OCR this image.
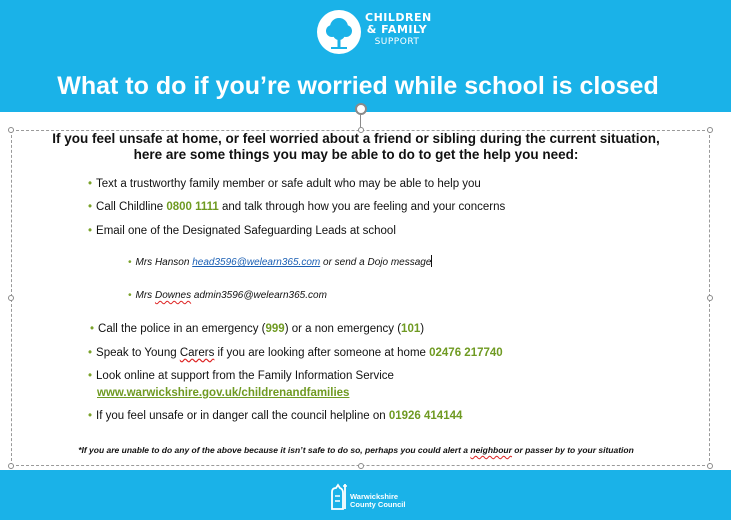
CHILDREN
& FAMILY
SUPPORT
What to do if you’re worried while school is closed
If you feel unsafe at home, or feel worried about a friend or sibling during the current situation,
here are some things you may be able to do to get the help you need:
• Text a trustworthy family member or safe adult who may be able to help you
• Call Childline 0800 1111 and talk through how you are feeling and your concerns
• Email one of the Designated Safeguarding Leads at school
• Mrs Hanson head3596@welearn365.com or send a Dojo message
• Mrs Downes admin3596@welearn365.com
• Call the police in an emergency (999) or a non emergency (101)
• Speak to Young Carers if you are looking after someone at home 02476 217740
• Look online at support from the Family Information Service
www.warwickshire.gov.uk/childrenandfamilies
• If you feel unsafe or in danger call the council helpline on 01926 414144
*If you are unable to do any of the above because it isn’t safe to do so, perhaps you could alert a neighbour or passer by to your situation
Warwickshire
County Council
